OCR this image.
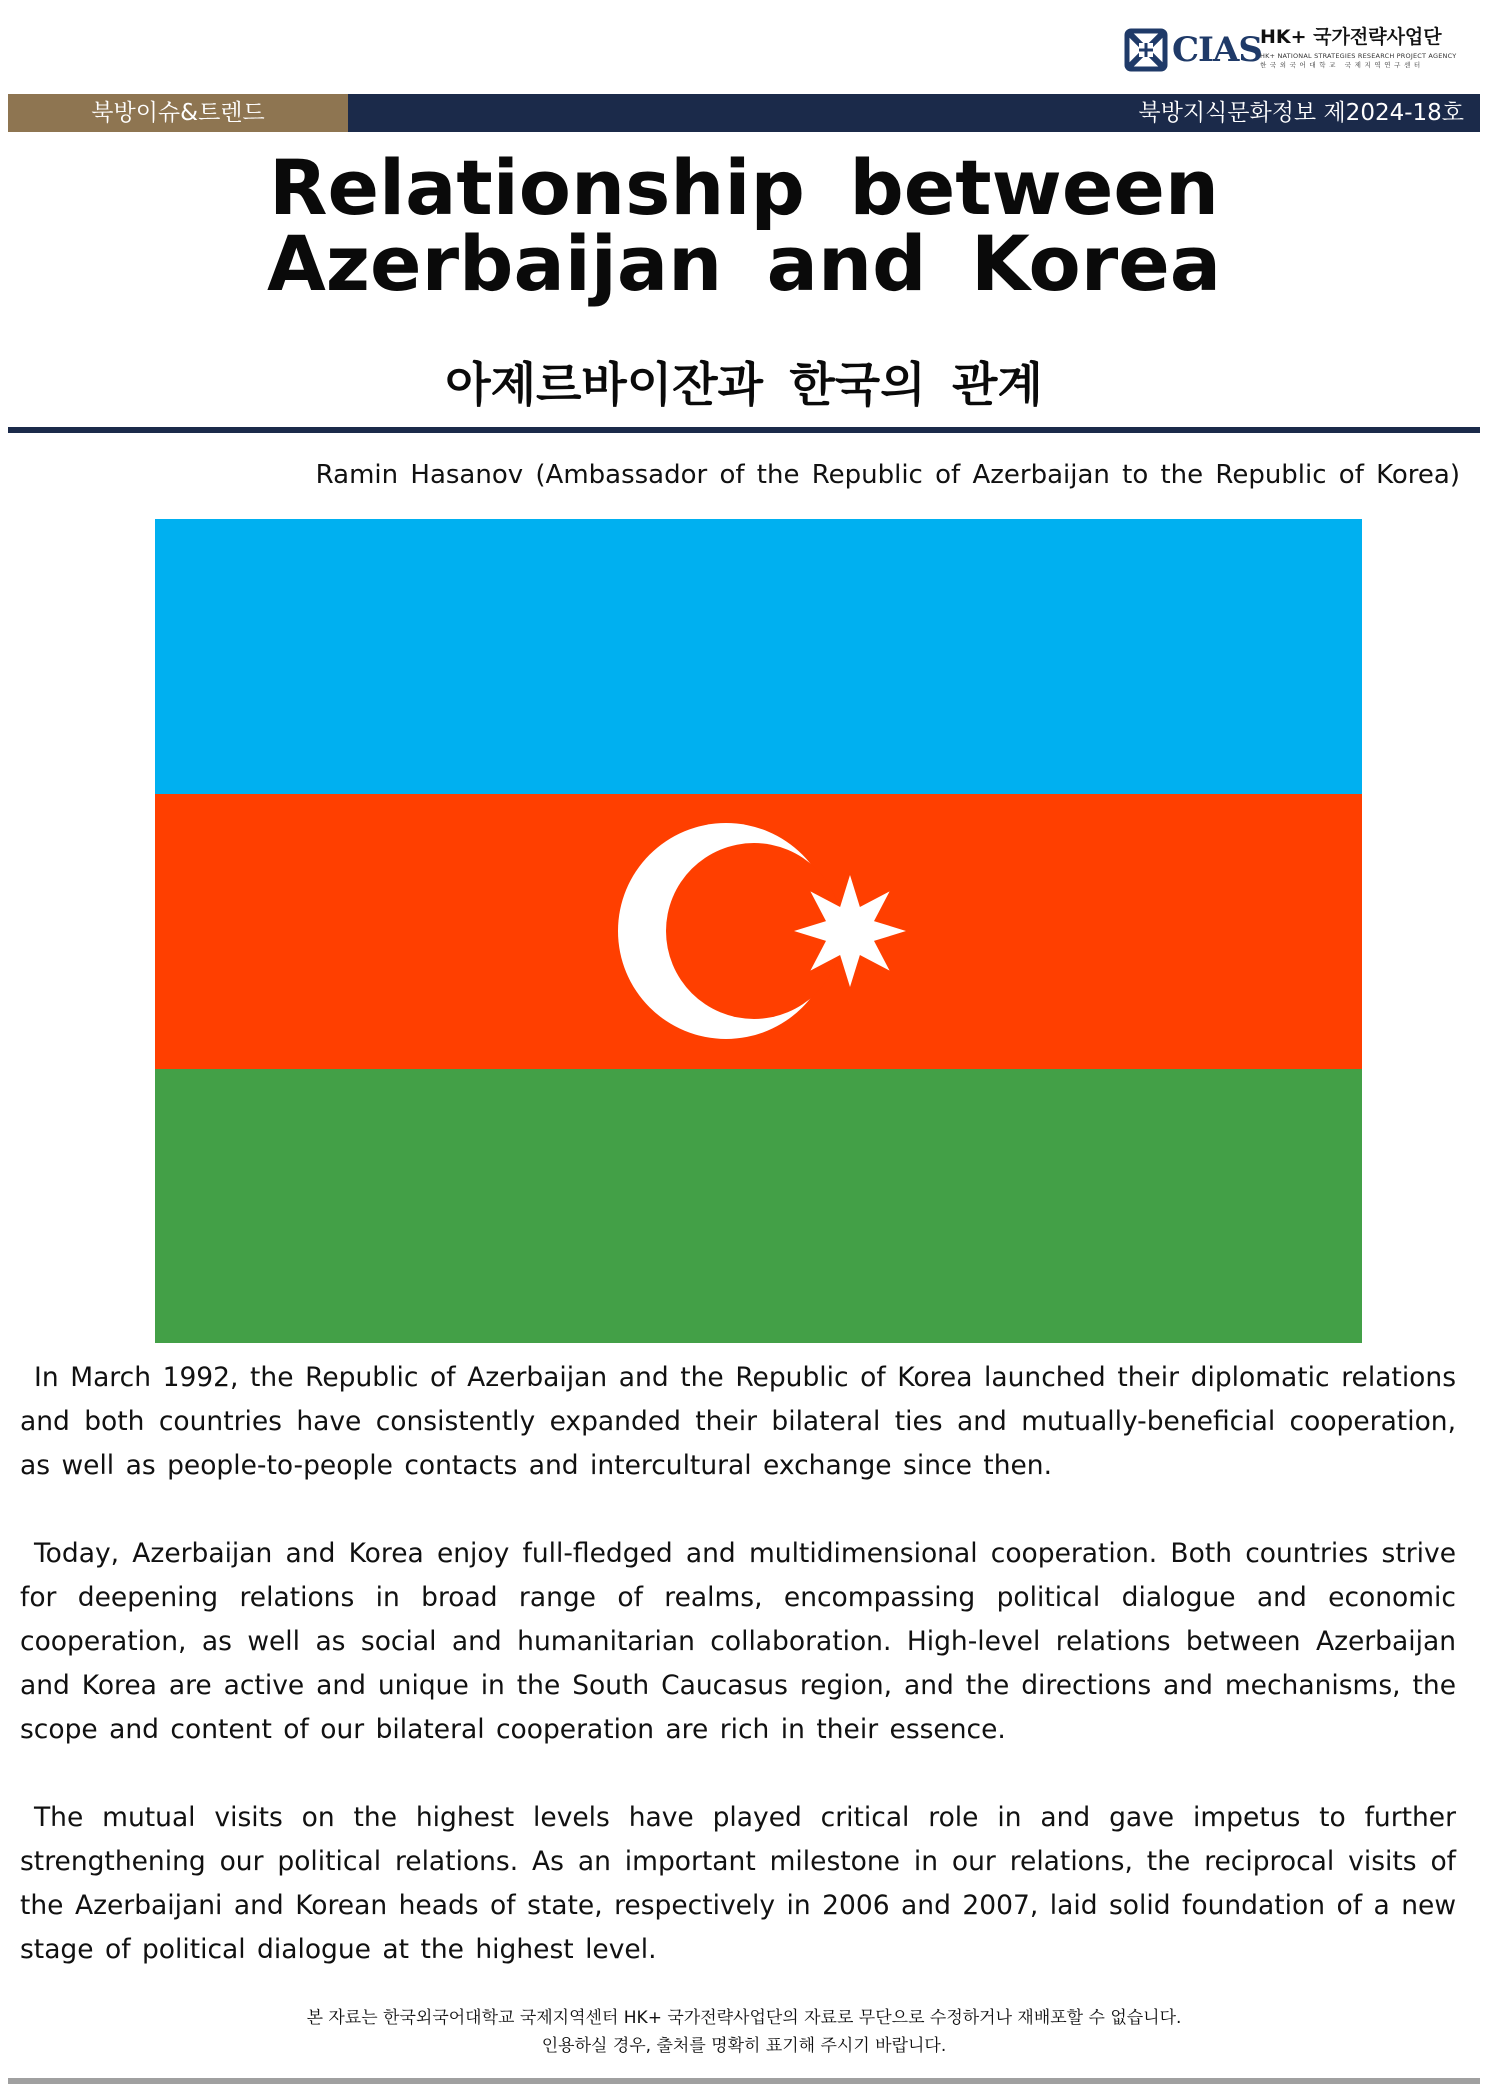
CIAS
HK+ 국가전략사업단
HK+ NATIONAL STRATEGIES RESEARCH PROJECT AGENCY
한국외국어대학교 국제지역연구센터
북방이슈&트렌드	북방지식문화정보 제2024-18호
Relationship between Azerbaijan and Korea
아제르바이잔과 한국의 관계
Ramin Hasanov (Ambassador of the Republic of Azerbaijan to the Republic of Korea)

In March 1992, the Republic of Azerbaijan and the Republic of Korea launched their diplomatic relations and both countries have consistently expanded their bilateral ties and mutually-beneficial cooperation, as well as people-to-people contacts and intercultural exchange since then.

Today, Azerbaijan and Korea enjoy full-fledged and multidimensional cooperation. Both countries strive for deepening relations in broad range of realms, encompassing political dialogue and economic cooperation, as well as social and humanitarian collaboration. High-level relations between Azerbaijan and Korea are active and unique in the South Caucasus region, and the directions and mechanisms, the scope and content of our bilateral cooperation are rich in their essence.

The mutual visits on the highest levels have played critical role in and gave impetus to further strengthening our political relations. As an important milestone in our relations, the reciprocal visits of the Azerbaijani and Korean heads of state, respectively in 2006 and 2007, laid solid foundation of a new stage of political dialogue at the highest level.

본 자료는 한국외국어대학교 국제지역센터 HK+ 국가전략사업단의 자료로 무단으로 수정하거나 재배포할 수 없습니다.
인용하실 경우, 출처를 명확히 표기해 주시기 바랍니다.
